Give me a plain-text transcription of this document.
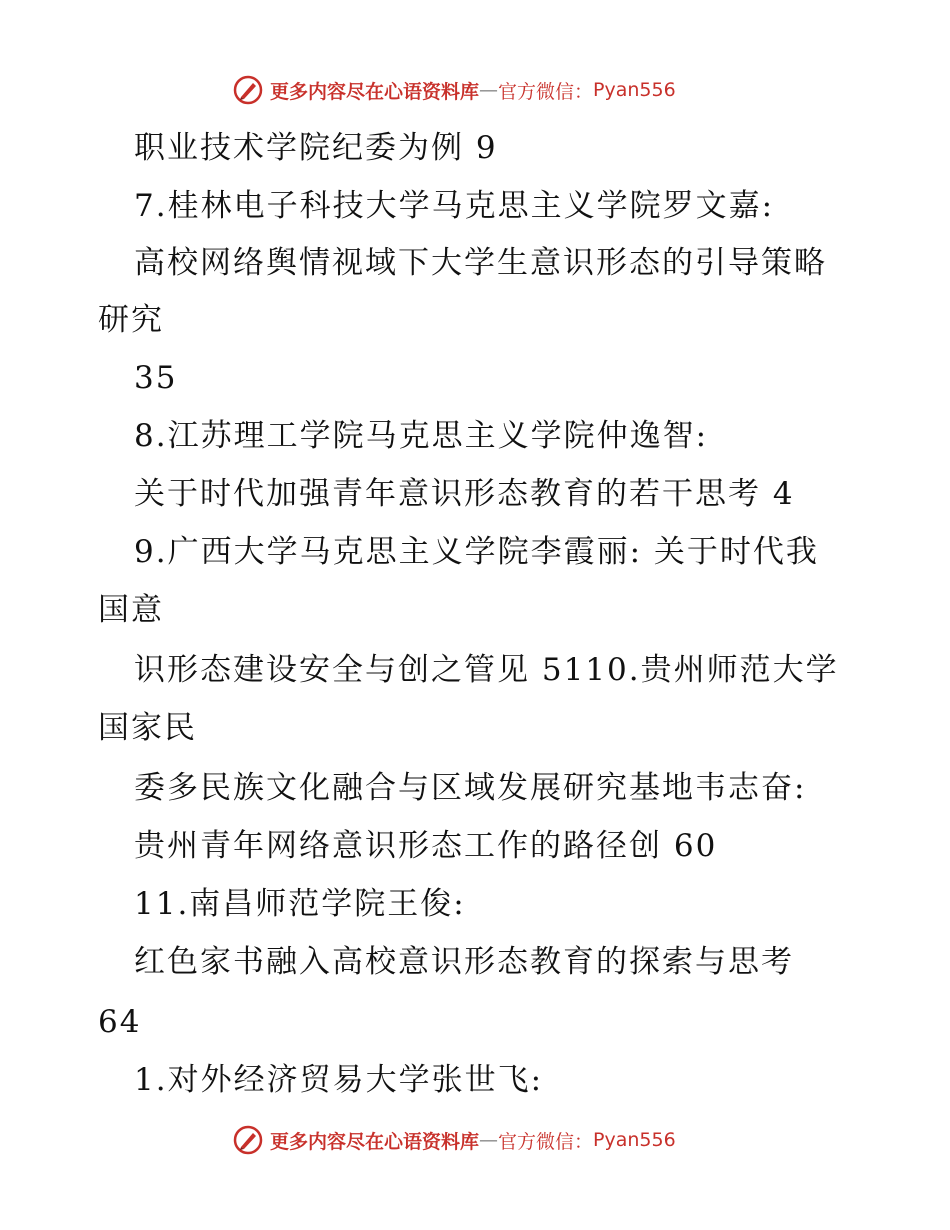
更多内容尽在心语资料库 — 官方微信： Pyan556
职业技术学院纪委为例 9
7.桂林电子科技大学马克思主义学院罗文嘉:
高校网络舆情视域下大学生意识形态的引导策略
研究
35
8.江苏理工学院马克思主义学院仲逸智:
关于时代加强青年意识形态教育的若干思考 4
9.广西大学马克思主义学院李霞丽: 关于时代我
国意
识形态建设安全与创之管见 5110.贵州师范大学
国家民
委多民族文化融合与区域发展研究基地韦志奋:
贵州青年网络意识形态工作的路径创 60
11.南昌师范学院王俊:
红色家书融入高校意识形态教育的探索与思考
64
1.对外经济贸易大学张世飞:
更多内容尽在心语资料库 — 官方微信： Pyan556
